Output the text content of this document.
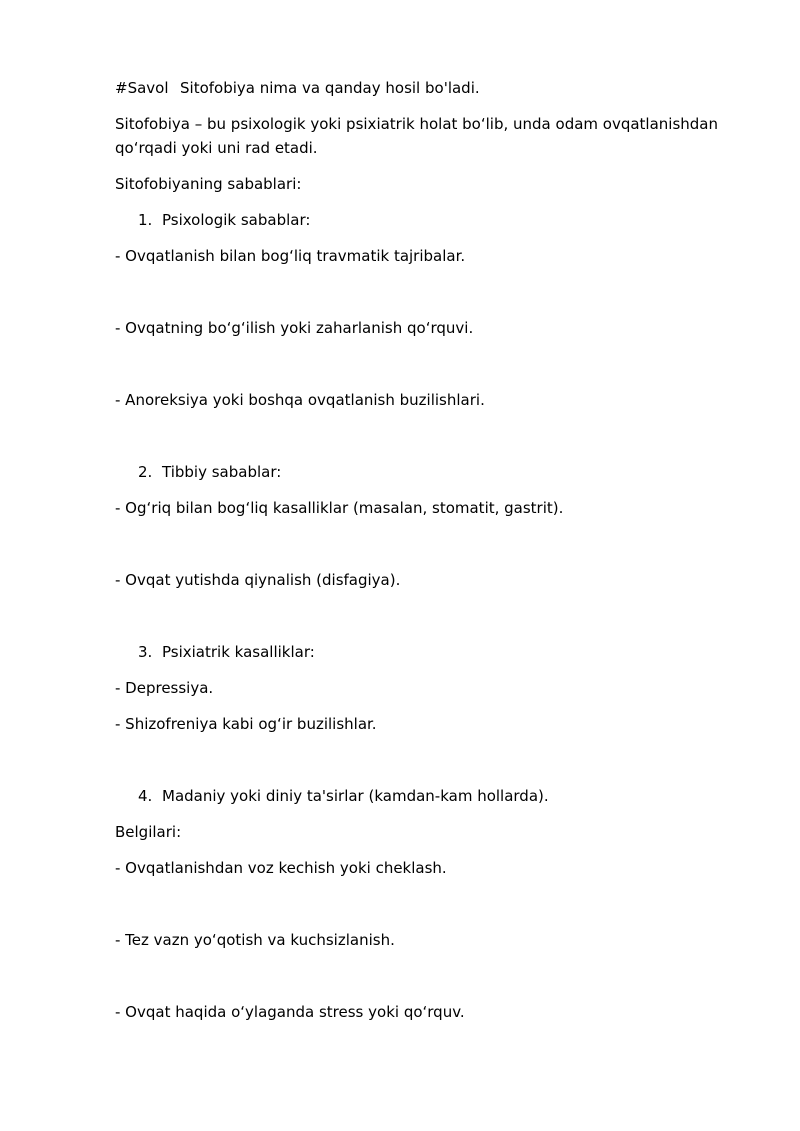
#Savol Sitofobiya nima va qanday hosil bo'ladi.
Sitofobiya – bu psixologik yoki psixiatrik holat bo‘lib, unda odam ovqatlanishdan qo‘rqadi yoki uni rad etadi.
Sitofobiyaning sabablari:
1. Psixologik sabablar:
- Ovqatlanish bilan bog‘liq travmatik tajribalar.
- Ovqatning bo‘g‘ilish yoki zaharlanish qo‘rquvi.
- Anoreksiya yoki boshqa ovqatlanish buzilishlari.
2. Tibbiy sabablar:
- Og‘riq bilan bog‘liq kasalliklar (masalan, stomatit, gastrit).
- Ovqat yutishda qiynalish (disfagiya).
3. Psixiatrik kasalliklar:
- Depressiya.
- Shizofreniya kabi og‘ir buzilishlar.
4. Madaniy yoki diniy ta'sirlar (kamdan-kam hollarda).
Belgilari:
- Ovqatlanishdan voz kechish yoki cheklash.
- Tez vazn yo‘qotish va kuchsizlanish.
- Ovqat haqida o‘ylaganda stress yoki qo‘rquv.
